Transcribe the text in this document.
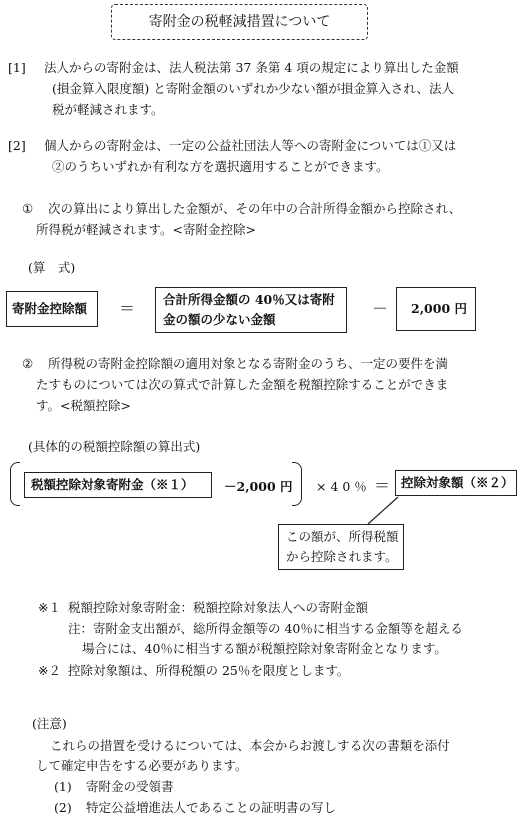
寄附金の税軽減措置について
[1] 法人からの寄附金は、法人税法第 37 条第 4 項の規定により算出した金額
(損金算入限度額) と寄附金額のいずれか少ない額が損金算入され、法人
税が軽減されます。
[2] 個人からの寄附金は、一定の公益社団法人等への寄附金については①又は
②のうちいずれか有利な方を選択適用することができます。
① 次の算出により算出した金額が、その年中の合計所得金額から控除され、
所得税が軽減されます。<寄附金控除>
(算　式)
寄附金控除額 ＝ 合計所得金額の 40％又は寄附
金の額の少ない金額
－ 2,000 円
② 所得税の寄附金控除額の適用対象となる寄附金のうち、一定の要件を満
たすものについては次の算式で計算した金額を税額控除することができま
す。<税額控除>
(具体的の税額控除額の算出式)
税額控除対象寄附金（※１） －2,000 円 × 4 0 ％ ＝ 控除対象額（※２）
この額が、所得税額
から控除されます。
※１ 税額控除対象寄附金：税額控除対象法人への寄附金額
注：寄附金支出額が、総所得金額等の 40％に相当する金額等を超える
場合には、40％に相当する額が税額控除対象寄附金となります。
※２ 控除対象額は、所得税額の 25％を限度とします。
(注意)
これらの措置を受けるについては、本会からお渡しする次の書類を添付
して確定申告をする必要があります。
(1) 寄附金の受領書
(2) 特定公益増進法人であることの証明書の写し
